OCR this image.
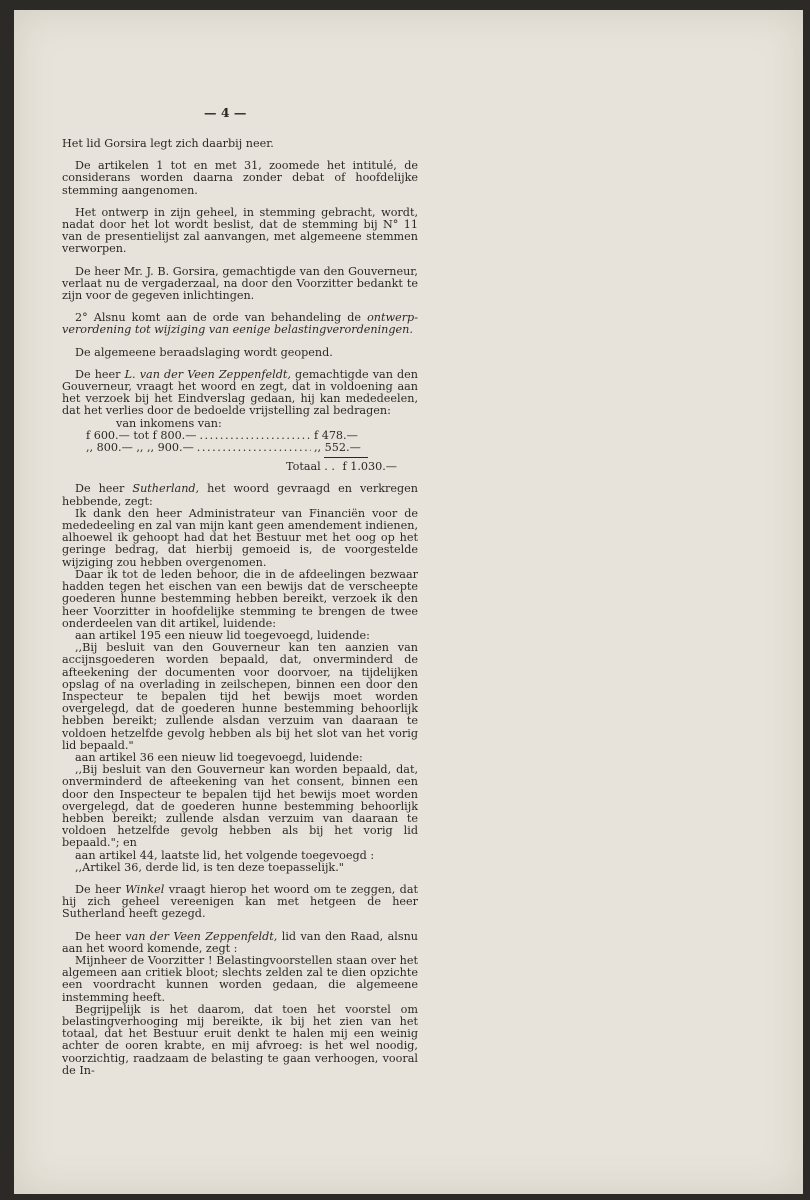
— 4 —

Het lid Gorsira legt zich daarbij neer.

De artikelen 1 tot en met 31, zoomede het intitulé, de considerans worden daarna zonder debat of hoofdelijke stemming aangenomen.

Het ontwerp in zijn geheel, in stemming gebracht, wordt, nadat door het lot wordt beslist, dat de stemming bij N° 11 van de presentielijst zal aanvangen, met algemeene stemmen verworpen.

De heer Mr. J. B. Gorsira, gemachtigde van den Gouverneur, verlaat nu de vergaderzaal, na door den Voorzitter bedankt te zijn voor de gegeven inlichtingen.

2° Alsnu komt aan de orde van behandeling de ontwerp-verordening tot wijziging van eenige belastingverordeningen.

De algemeene beraadslaging wordt geopend.

De heer L. van der Veen Zeppenfeldt, gemachtigde van den Gouverneur, vraagt het woord en zegt, dat in voldoening aan het verzoek bij het Eindverslag gedaan, hij kan mededeelen, dat het verlies door de bedoelde vrijstelling zal bedragen:

van inkomens van:
f 600.— tot f 800.— . . .	f 478.—
,, 800.— ,, ,, 900.— . . .	,, 552.—
Totaal . . f 1.030.—

De heer Sutherland, het woord gevraagd en verkregen hebbende, zegt:

Ik dank den heer Administrateur van Financiën voor de mededeeling en zal van mijn kant geen amendement indienen, alhoewel ik gehoopt had dat het Bestuur met het oog op het geringe bedrag, dat hierbij gemoeid is, de voorgestelde wijziging zou hebben overgenomen.

Daar ik tot de leden behoor, die in de afdeelingen bezwaar hadden tegen het eischen van een bewijs dat de verscheepte goederen hunne bestemming hebben bereikt, verzoek ik den heer Voorzitter in hoofdelijke stemming te brengen de twee onderdeelen van dit artikel, luidende:

aan artikel 195 een nieuw lid toegevoegd, luidende:

,,Bij besluit van den Gouverneur kan ten aanzien van accijnsgoederen worden bepaald, dat, onverminderd de afteekening der documenten voor doorvoer, na tijdelijken opslag of na overlading in zeilschepen, binnen een door den Inspecteur te bepalen tijd het bewijs moet worden overgelegd, dat de goederen hunne bestemming behoorlijk hebben bereikt; zullende alsdan verzuim van daaraan te voldoen hetzelfde gevolg hebben als bij het slot van het vorig lid bepaald."

aan artikel 36 een nieuw lid toegevoegd, luidende:

,,Bij besluit van den Gouverneur kan worden bepaald, dat, onverminderd de afteekening van het consent, binnen een door den Inspecteur te bepalen tijd het bewijs moet worden overgelegd, dat de goederen hunne bestemming behoorlijk hebben bereikt; zullende alsdan verzuim van daaraan te voldoen hetzelfde gevolg hebben als bij het vorig lid bepaald."; en

aan artikel 44, laatste lid, het volgende toegevoegd :

,,Artikel 36, derde lid, is ten deze toepasselijk."

De heer Winkel vraagt hierop het woord om te zeggen, dat hij zich geheel vereenigen kan met hetgeen de heer Sutherland heeft gezegd.

De heer van der Veen Zeppenfeldt, lid van den Raad, alsnu aan het woord komende, zegt :

Mijnheer de Voorzitter ! Belastingvoorstellen staan over het algemeen aan critiek bloot; slechts zelden zal te dien opzichte een voordracht kunnen worden gedaan, die algemeene instemming heeft.

Begrijpelijk is het daarom, dat toen het voorstel om belastingverhooging mij bereikte, ik bij het zien van het totaal, dat het Bestuur eruit denkt te halen mij een weinig achter de ooren krabte, en mij afvroeg: is het wel noodig, voorzichtig, raadzaam de belasting te gaan verhoogen, vooral de In-
